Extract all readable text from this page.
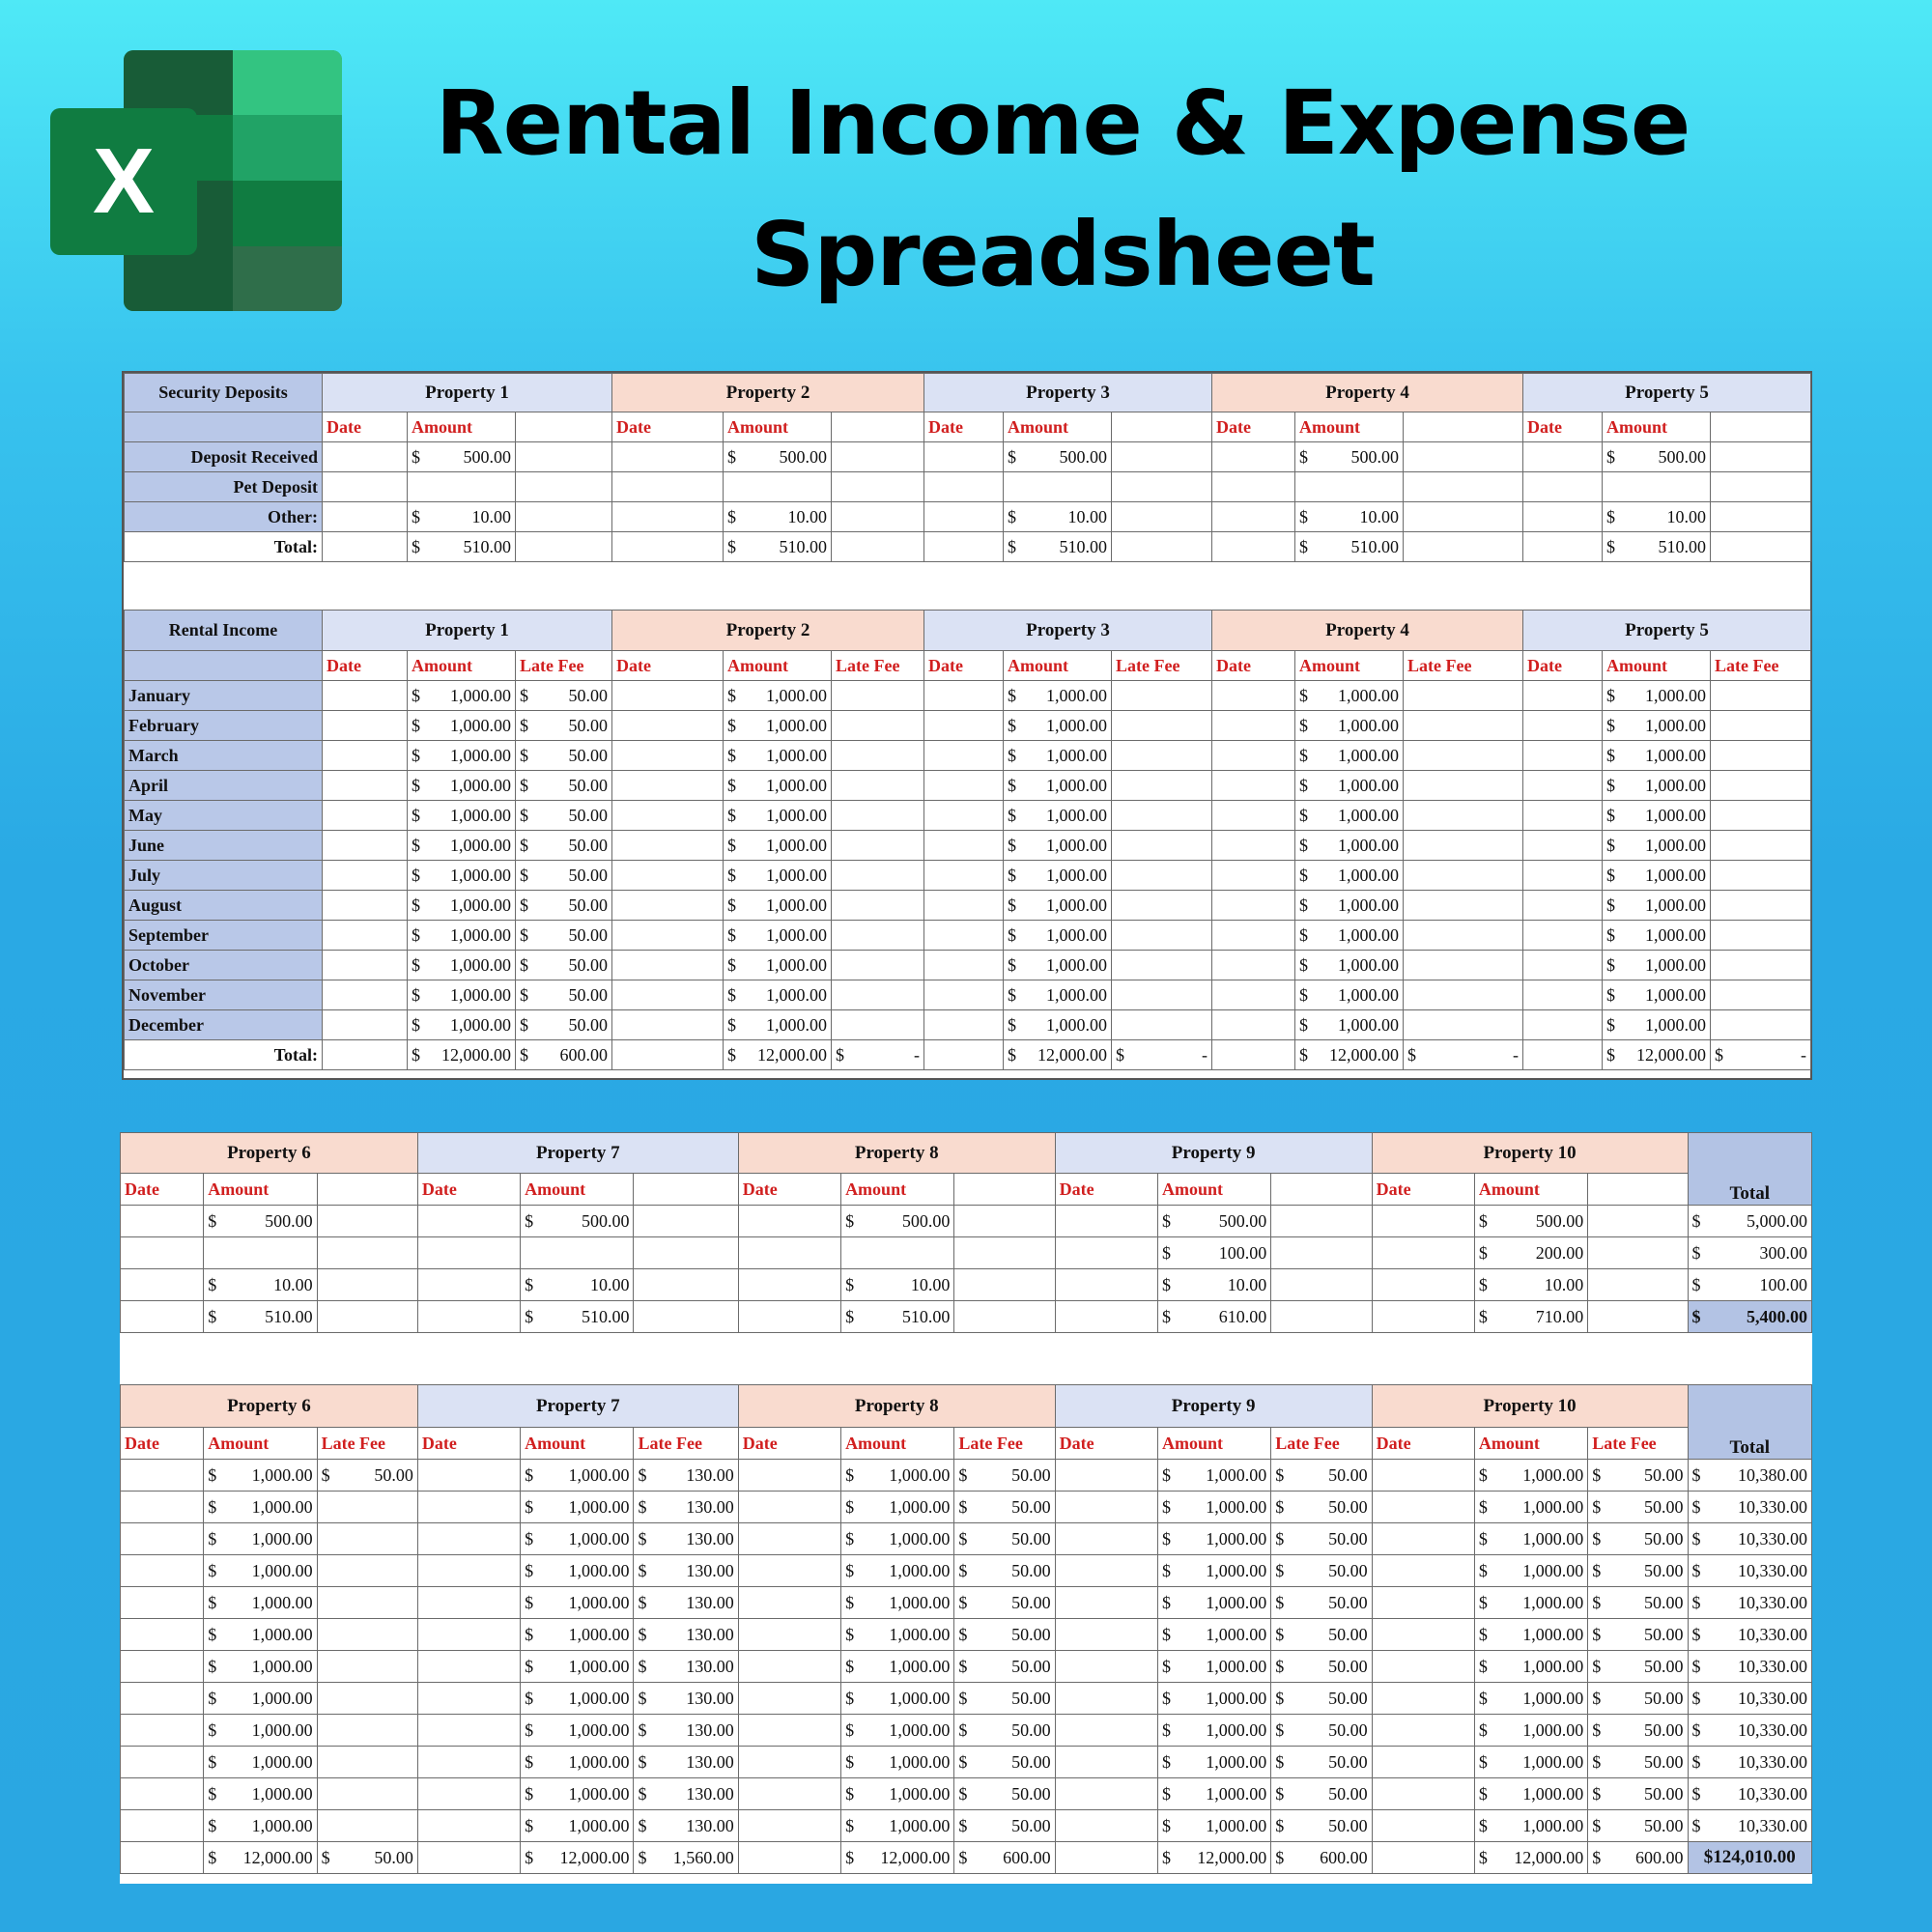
X
Rental Income & Expense
Spreadsheet
Security Deposits	Property 1			Property 2			Property 3			Property 4			Property 5		
	Date	Amount		Date	Amount		Date	Amount		Date	Amount		Date	Amount	
Deposit Received		$ 500.00			$ 500.00			$ 500.00			$ 500.00			$ 500.00	

Pet Deposit															
Other:		$ 10.00			$ 10.00			$ 10.00			$ 10.00			$ 10.00	

Total:		$ 510.00			$ 510.00			$ 510.00			$ 510.00			$ 510.00	

Rental Income	Property 1			Property 2			Property 3			Property 4			Property 5		
	Date	Amount	Late Fee	Date	Amount	Late Fee	Date	Amount	Late Fee	Date	Amount	Late Fee	Date	Amount	Late Fee
January		$ 1,000.00	$ 50.00		$ 1,000.00			$ 1,000.00			$ 1,000.00			$ 1,000.00	

February		$ 1,000.00	$ 50.00		$ 1,000.00			$ 1,000.00			$ 1,000.00			$ 1,000.00	

March		$ 1,000.00	$ 50.00		$ 1,000.00			$ 1,000.00			$ 1,000.00			$ 1,000.00	

April		$ 1,000.00	$ 50.00		$ 1,000.00			$ 1,000.00			$ 1,000.00			$ 1,000.00	

May		$ 1,000.00	$ 50.00		$ 1,000.00			$ 1,000.00			$ 1,000.00			$ 1,000.00	

June		$ 1,000.00	$ 50.00		$ 1,000.00			$ 1,000.00			$ 1,000.00			$ 1,000.00	

July		$ 1,000.00	$ 50.00		$ 1,000.00			$ 1,000.00			$ 1,000.00			$ 1,000.00	

August		$ 1,000.00	$ 50.00		$ 1,000.00			$ 1,000.00			$ 1,000.00			$ 1,000.00	

September		$ 1,000.00	$ 50.00		$ 1,000.00			$ 1,000.00			$ 1,000.00			$ 1,000.00	

October		$ 1,000.00	$ 50.00		$ 1,000.00			$ 1,000.00			$ 1,000.00			$ 1,000.00	

November		$ 1,000.00	$ 50.00		$ 1,000.00			$ 1,000.00			$ 1,000.00			$ 1,000.00	

December		$ 1,000.00	$ 50.00		$ 1,000.00			$ 1,000.00			$ 1,000.00			$ 1,000.00	

Total:		$ 12,000.00	$ 600.00		$ 12,000.00	$ -		$ 12,000.00	$ -		$ 12,000.00	$ -		$ 12,000.00	$ -
Property 6			Property 7			Property 8			Property 9			Property 10			Total
Date	Amount		Date	Amount		Date	Amount		Date	Amount		Date	Amount		
	$ 500.00			$ 500.00			$ 500.00			$ 500.00			$ 500.00		$ 5,000.00

										$ 100.00			$ 200.00		$ 300.00

	$ 10.00			$ 10.00			$ 10.00			$ 10.00			$ 10.00		$ 100.00

	$ 510.00			$ 510.00			$ 510.00			$ 610.00			$ 710.00		$ 5,400.00

Property 6			Property 7			Property 8			Property 9			Property 10			Total
Date	Amount	Late Fee	Date	Amount	Late Fee	Date	Amount	Late Fee	Date	Amount	Late Fee	Date	Amount	Late Fee	
	$ 1,000.00	$ 50.00		$ 1,000.00	$ 130.00		$ 1,000.00	$ 50.00		$ 1,000.00	$ 50.00		$ 1,000.00	$ 50.00	$ 10,380.00

	$ 1,000.00			$ 1,000.00	$ 130.00		$ 1,000.00	$ 50.00		$ 1,000.00	$ 50.00		$ 1,000.00	$ 50.00	$ 10,330.00

	$ 1,000.00			$ 1,000.00	$ 130.00		$ 1,000.00	$ 50.00		$ 1,000.00	$ 50.00		$ 1,000.00	$ 50.00	$ 10,330.00

	$ 1,000.00			$ 1,000.00	$ 130.00		$ 1,000.00	$ 50.00		$ 1,000.00	$ 50.00		$ 1,000.00	$ 50.00	$ 10,330.00

	$ 1,000.00			$ 1,000.00	$ 130.00		$ 1,000.00	$ 50.00		$ 1,000.00	$ 50.00		$ 1,000.00	$ 50.00	$ 10,330.00

	$ 1,000.00			$ 1,000.00	$ 130.00		$ 1,000.00	$ 50.00		$ 1,000.00	$ 50.00		$ 1,000.00	$ 50.00	$ 10,330.00

	$ 1,000.00			$ 1,000.00	$ 130.00		$ 1,000.00	$ 50.00		$ 1,000.00	$ 50.00		$ 1,000.00	$ 50.00	$ 10,330.00

	$ 1,000.00			$ 1,000.00	$ 130.00		$ 1,000.00	$ 50.00		$ 1,000.00	$ 50.00		$ 1,000.00	$ 50.00	$ 10,330.00

	$ 1,000.00			$ 1,000.00	$ 130.00		$ 1,000.00	$ 50.00		$ 1,000.00	$ 50.00		$ 1,000.00	$ 50.00	$ 10,330.00

	$ 1,000.00			$ 1,000.00	$ 130.00		$ 1,000.00	$ 50.00		$ 1,000.00	$ 50.00		$ 1,000.00	$ 50.00	$ 10,330.00

	$ 1,000.00			$ 1,000.00	$ 130.00		$ 1,000.00	$ 50.00		$ 1,000.00	$ 50.00		$ 1,000.00	$ 50.00	$ 10,330.00

	$ 1,000.00			$ 1,000.00	$ 130.00		$ 1,000.00	$ 50.00		$ 1,000.00	$ 50.00		$ 1,000.00	$ 50.00	$ 10,330.00

	$ 12,000.00	$ 50.00		$ 12,000.00	$ 1,560.00		$ 12,000.00	$ 600.00		$ 12,000.00	$ 600.00		$ 12,000.00	$ 600.00	$124,010.00
